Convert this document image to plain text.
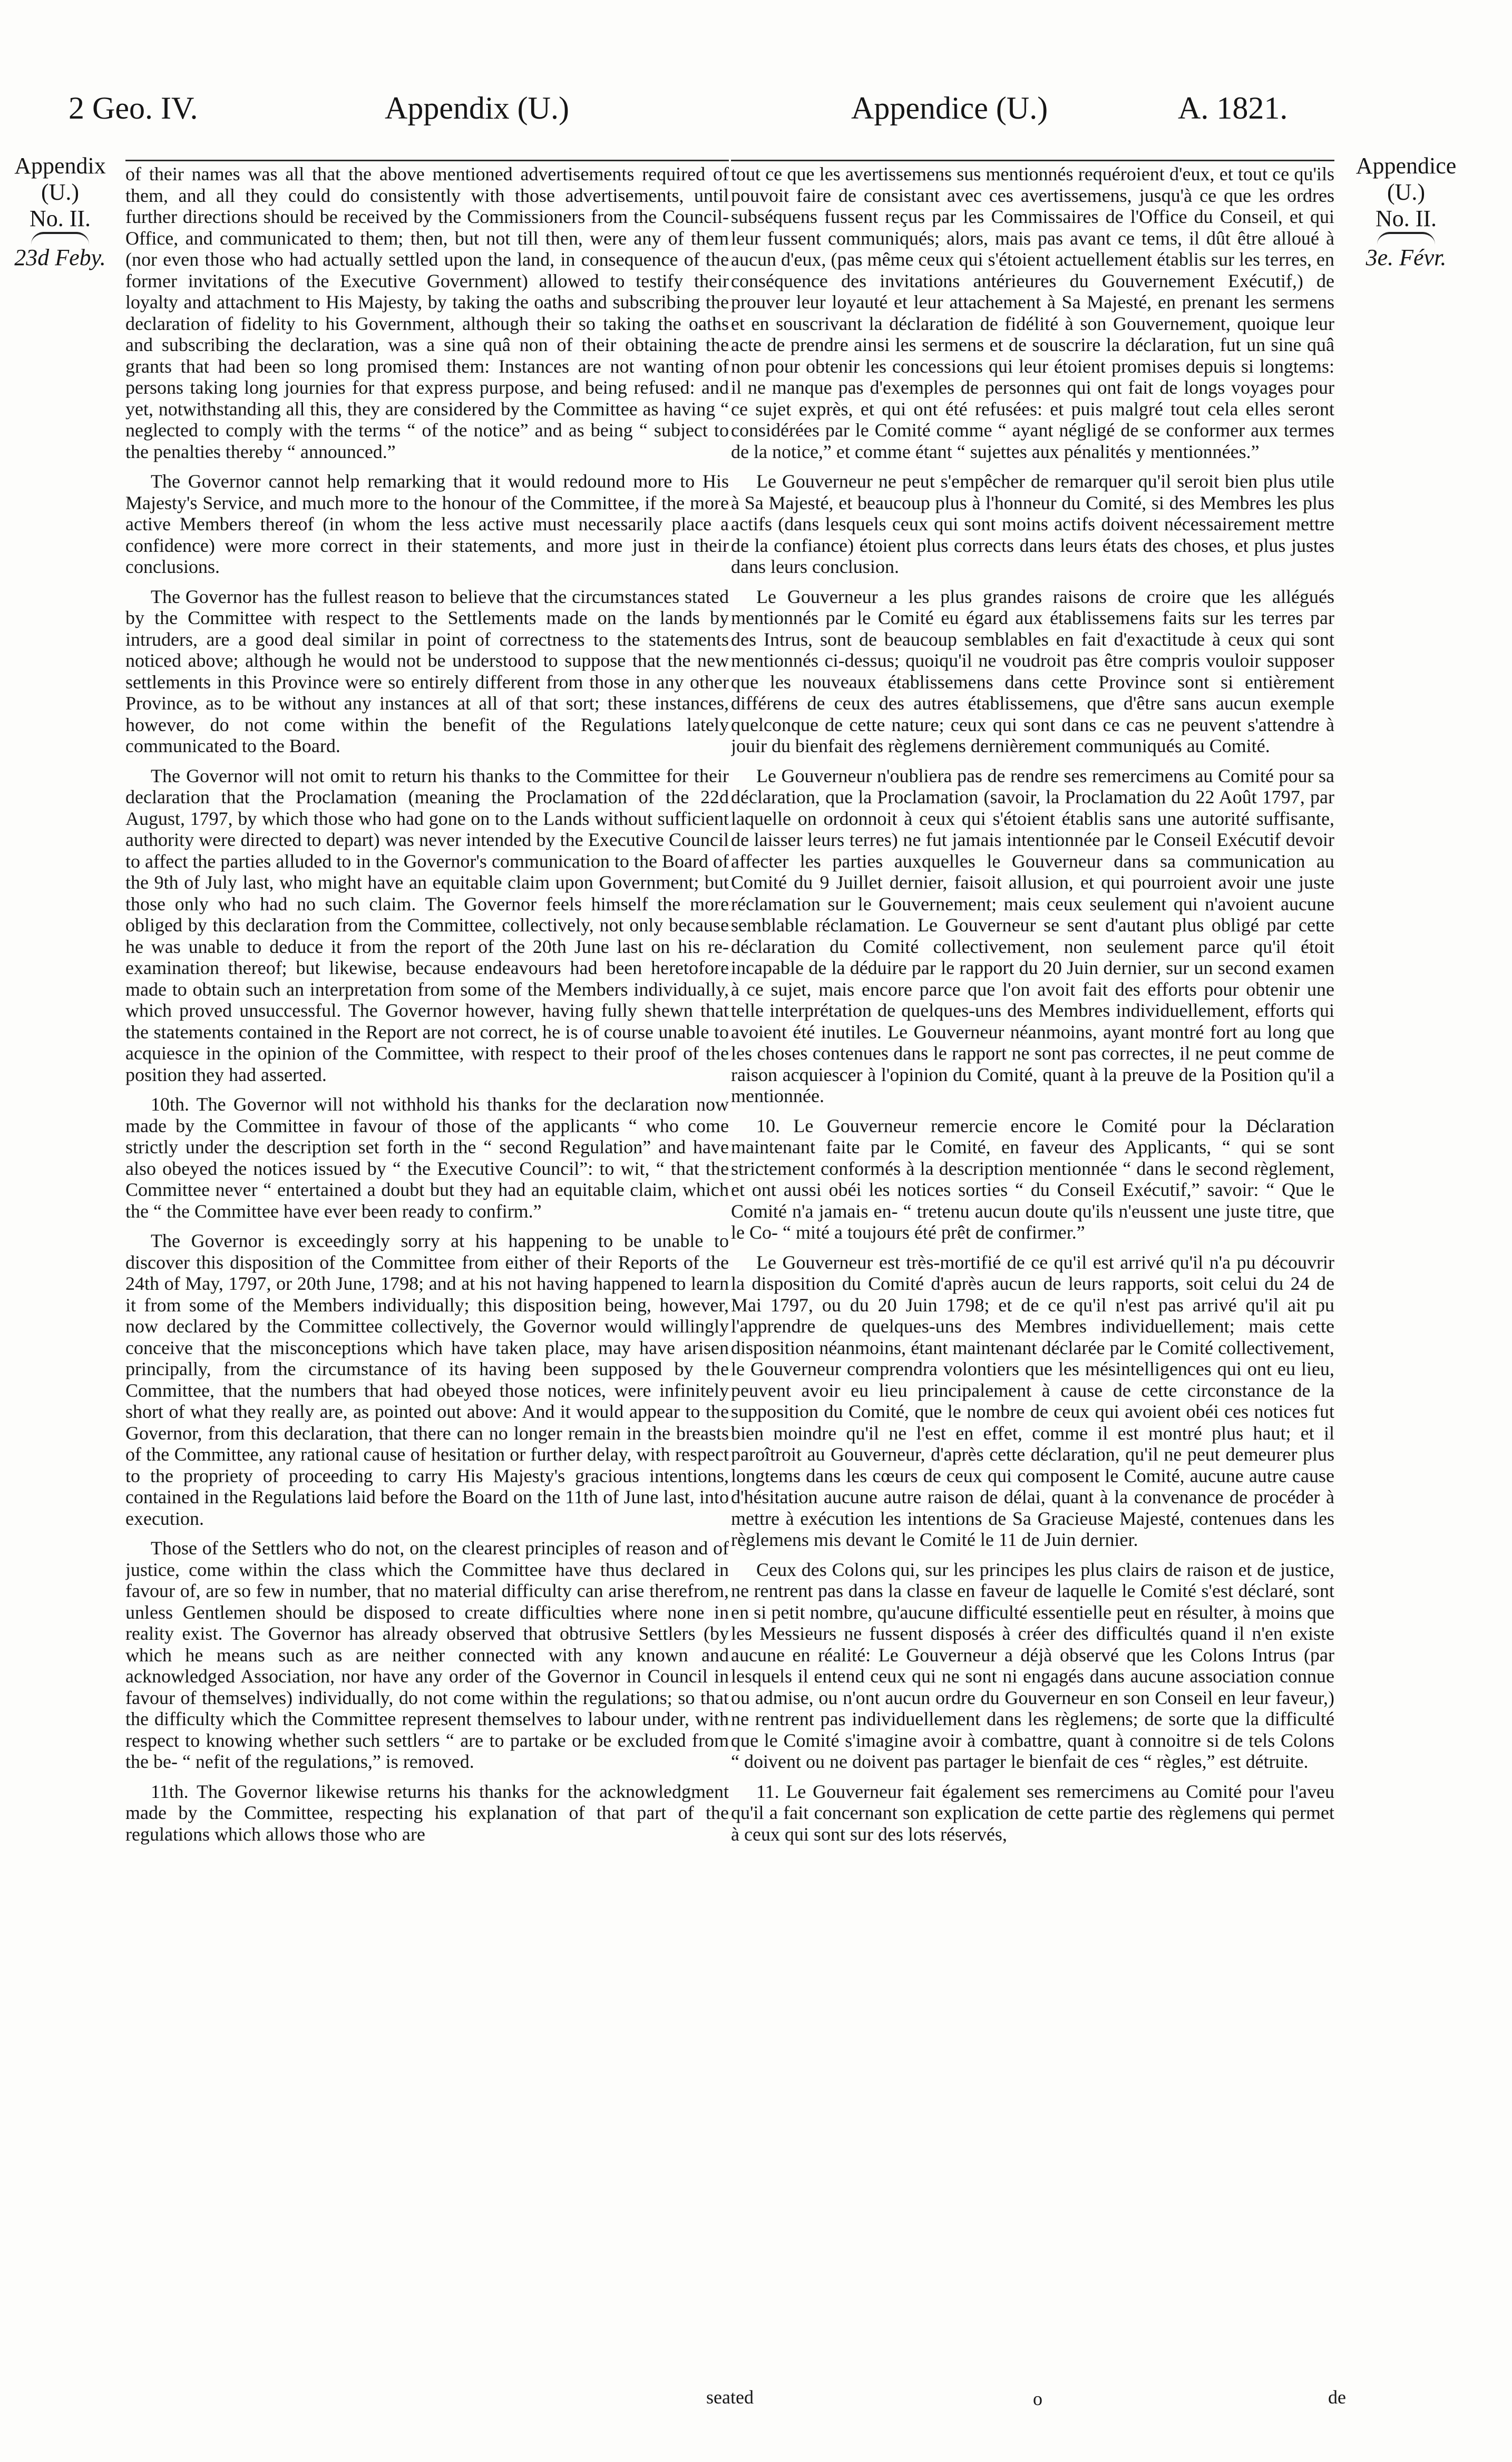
2 Geo. IV.	Appendix (U.)	Appendice (U.)	A. 1821.
Appendix
(U.)
No. II.
23d Feby.
Appendice
(U.)
No. II.
3e. Févr.

of their names was all that the above mentioned advertisements required of them, and all they could do consistently with those advertisements, until further directions should be received by the Commissioners from the Council-Office, and communicated to them; then, but not till then, were any of them (nor even those who had actually settled upon the land, in consequence of the former invitations of the Executive Government) allowed to testify their loyalty and attachment to His Majesty, by taking the oaths and subscribing the declaration of fidelity to his Government, although their so taking the oaths and subscribing the declaration, was a sine quâ non of their obtaining the grants that had been so long promised them: Instances are not wanting of persons taking long journies for that express purpose, and being refused: and yet, notwithstanding all this, they are considered by the Committee as having “ neglected to comply with the terms “ of the notice” and as being “ subject to the penalties thereby “ announced.”

The Governor cannot help remarking that it would redound more to His Majesty's Service, and much more to the honour of the Committee, if the more active Members thereof (in whom the less active must necessarily place a confidence) were more correct in their statements, and more just in their conclusions.

The Governor has the fullest reason to believe that the circumstances stated by the Committee with respect to the Settlements made on the lands by intruders, are a good deal similar in point of correctness to the statements noticed above; although he would not be understood to suppose that the new settlements in this Province were so entirely different from those in any other Province, as to be without any instances at all of that sort; these instances, however, do not come within the benefit of the Regulations lately communicated to the Board.

The Governor will not omit to return his thanks to the Committee for their declaration that the Proclamation (meaning the Proclamation of the 22d August, 1797, by which those who had gone on to the Lands without sufficient authority were directed to depart) was never intended by the Executive Council to affect the parties alluded to in the Governor's communication to the Board of the 9th of July last, who might have an equitable claim upon Government; but those only who had no such claim. The Governor feels himself the more obliged by this declaration from the Committee, collectively, not only because he was unable to deduce it from the report of the 20th June last on his re-examination thereof; but likewise, because endeavours had been heretofore made to obtain such an interpretation from some of the Members individually, which proved unsuccessful. The Governor however, having fully shewn that the statements contained in the Report are not correct, he is of course unable to acquiesce in the opinion of the Committee, with respect to their proof of the position they had asserted.

10th. The Governor will not withhold his thanks for the declaration now made by the Committee in favour of those of the applicants “ who come strictly under the description set forth in the “ second Regulation” and have also obeyed the notices issued by “ the Executive Council”: to wit, “ that the Committee never “ entertained a doubt but they had an equitable claim, which the “ the Committee have ever been ready to confirm.”

The Governor is exceedingly sorry at his happening to be unable to discover this disposition of the Committee from either of their Reports of the 24th of May, 1797, or 20th June, 1798; and at his not having happened to learn it from some of the Members individually; this disposition being, however, now declared by the Committee collectively, the Governor would willingly conceive that the misconceptions which have taken place, may have arisen principally, from the circumstance of its having been supposed by the Committee, that the numbers that had obeyed those notices, were infinitely short of what they really are, as pointed out above: And it would appear to the Governor, from this declaration, that there can no longer remain in the breasts of the Committee, any rational cause of hesitation or further delay, with respect to the propriety of proceeding to carry His Majesty's gracious intentions, contained in the Regulations laid before the Board on the 11th of June last, into execution.

Those of the Settlers who do not, on the clearest principles of reason and of justice, come within the class which the Committee have thus declared in favour of, are so few in number, that no material difficulty can arise therefrom, unless Gentlemen should be disposed to create difficulties where none in reality exist. The Governor has already observed that obtrusive Settlers (by which he means such as are neither connected with any known and acknowledged Association, nor have any order of the Governor in Council in favour of themselves) individually, do not come within the regulations; so that the difficulty which the Committee represent themselves to labour under, with respect to knowing whether such settlers “ are to partake or be excluded from the be- “ nefit of the regulations,” is removed.

11th. The Governor likewise returns his thanks for the acknowledgment made by the Committee, respecting his explanation of that part of the regulations which allows those who are

tout ce que les avertissemens sus mentionnés requéroient d'eux, et tout ce qu'ils pouvoit faire de consistant avec ces avertissemens, jusqu'à ce que les ordres subséquens fussent reçus par les Commissaires de l'Office du Conseil, et qui leur fussent communiqués; alors, mais pas avant ce tems, il dût être alloué à aucun d'eux, (pas même ceux qui s'étoient actuellement établis sur les terres, en conséquence des invitations antérieures du Gouvernement Exécutif,) de prouver leur loyauté et leur attachement à Sa Majesté, en prenant les sermens et en souscrivant la déclaration de fidélité à son Gouvernement, quoique leur acte de prendre ainsi les sermens et de souscrire la déclaration, fut un sine quâ non pour obtenir les concessions qui leur étoient promises depuis si longtems: il ne manque pas d'exemples de personnes qui ont fait de longs voyages pour ce sujet exprès, et qui ont été refusées: et puis malgré tout cela elles seront considérées par le Comité comme “ ayant négligé de se conformer aux termes de la notice,” et comme étant “ sujettes aux pénalités y mentionnées.”

Le Gouverneur ne peut s'empêcher de remarquer qu'il seroit bien plus utile à Sa Majesté, et beaucoup plus à l'honneur du Comité, si des Membres les plus actifs (dans lesquels ceux qui sont moins actifs doivent nécessairement mettre de la confiance) étoient plus corrects dans leurs états des choses, et plus justes dans leurs conclusion.

Le Gouverneur a les plus grandes raisons de croire que les allégués mentionnés par le Comité eu égard aux établissemens faits sur les terres par des Intrus, sont de beaucoup semblables en fait d'exactitude à ceux qui sont mentionnés ci-dessus; quoiqu'il ne voudroit pas être compris vouloir supposer que les nouveaux établissemens dans cette Province sont si entièrement différens de ceux des autres établissemens, que d'être sans aucun exemple quelconque de cette nature; ceux qui sont dans ce cas ne peuvent s'attendre à jouir du bienfait des règlemens dernièrement communiqués au Comité.

Le Gouverneur n'oubliera pas de rendre ses remercimens au Comité pour sa déclaration, que la Proclamation (savoir, la Proclamation du 22 Août 1797, par laquelle on ordonnoit à ceux qui s'étoient établis sans une autorité suffisante, de laisser leurs terres) ne fut jamais intentionnée par le Conseil Exécutif devoir affecter les parties auxquelles le Gouverneur dans sa communication au Comité du 9 Juillet dernier, faisoit allusion, et qui pourroient avoir une juste réclamation sur le Gouvernement; mais ceux seulement qui n'avoient aucune semblable réclamation. Le Gouverneur se sent d'autant plus obligé par cette déclaration du Comité collectivement, non seulement parce qu'il étoit incapable de la déduire par le rapport du 20 Juin dernier, sur un second examen à ce sujet, mais encore parce que l'on avoit fait des efforts pour obtenir une telle interprétation de quelques-uns des Membres individuellement, efforts qui avoient été inutiles. Le Gouverneur néanmoins, ayant montré fort au long que les choses contenues dans le rapport ne sont pas correctes, il ne peut comme de raison acquiescer à l'opinion du Comité, quant à la preuve de la Position qu'il a mentionnée.

10. Le Gouverneur remercie encore le Comité pour la Déclaration maintenant faite par le Comité, en faveur des Applicants, “ qui se sont strictement conformés à la description mentionnée “ dans le second règlement, et ont aussi obéi les notices sorties “ du Conseil Exécutif,” savoir: “ Que le Comité n'a jamais en- “ tretenu aucun doute qu'ils n'eussent une juste titre, que le Co- “ mité a toujours été prêt de confirmer.”

Le Gouverneur est très-mortifié de ce qu'il est arrivé qu'il n'a pu découvrir la disposition du Comité d'après aucun de leurs rapports, soit celui du 24 de Mai 1797, ou du 20 Juin 1798; et de ce qu'il n'est pas arrivé qu'il ait pu l'apprendre de quelques-uns des Membres individuellement; mais cette disposition néanmoins, étant maintenant déclarée par le Comité collectivement, le Gouverneur comprendra volontiers que les mésintelligences qui ont eu lieu, peuvent avoir eu lieu principalement à cause de cette circonstance de la supposition du Comité, que le nombre de ceux qui avoient obéi ces notices fut bien moindre qu'il ne l'est en effet, comme il est montré plus haut; et il paroîtroit au Gouverneur, d'après cette déclaration, qu'il ne peut demeurer plus longtems dans les cœurs de ceux qui composent le Comité, aucune autre cause d'hésitation aucune autre raison de délai, quant à la convenance de procéder à mettre à exécution les intentions de Sa Gracieuse Majesté, contenues dans les règlemens mis devant le Comité le 11 de Juin dernier.

Ceux des Colons qui, sur les principes les plus clairs de raison et de justice, ne rentrent pas dans la classe en faveur de laquelle le Comité s'est déclaré, sont en si petit nombre, qu'aucune difficulté essentielle peut en résulter, à moins que les Messieurs ne fussent disposés à créer des difficultés quand il n'en existe aucune en réalité: Le Gouverneur a déjà observé que les Colons Intrus (par lesquels il entend ceux qui ne sont ni engagés dans aucune association connue ou admise, ou n'ont aucun ordre du Gouverneur en son Conseil en leur faveur,) ne rentrent pas individuellement dans les règlemens; de sorte que la difficulté que le Comité s'imagine avoir à combattre, quant à connoitre si de tels Colons “ doivent ou ne doivent pas partager le bienfait de ces “ règles,” est détruite.

11. Le Gouverneur fait également ses remercimens au Comité pour l'aveu qu'il a fait concernant son explication de cette partie des règlemens qui permet à ceux qui sont sur des lots réservés,

seated	o	de
